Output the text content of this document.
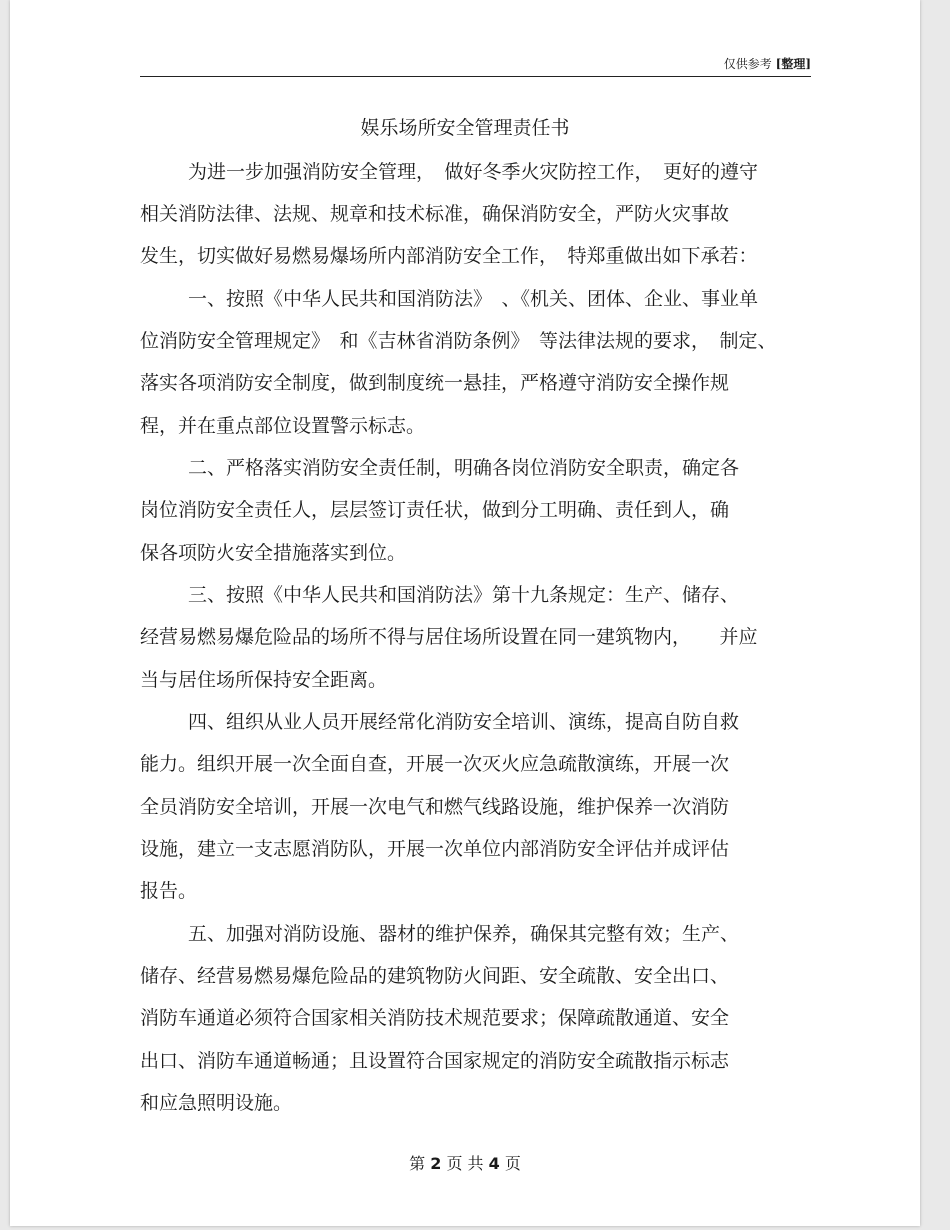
仅供参考 [整理]
娱乐场所安全管理责任书
为进一步加强消防安全管理，　做好冬季火灾防控工作，　更好的遵守
相关消防法律、法规、规章和技术标准，确保消防安全，严防火灾事故
发生，切实做好易燃易爆场所内部消防安全工作，　特郑重做出如下承若：
一、按照《中华人民共和国消防法》　、《机关、团体、企业、事业单
位消防安全管理规定》　和《吉林省消防条例》　等法律法规的要求，　制定、
落实各项消防安全制度，做到制度统一悬挂，严格遵守消防安全操作规
程，并在重点部位设置警示标志。
二、严格落实消防安全责任制，明确各岗位消防安全职责，确定各
岗位消防安全责任人，层层签订责任状，做到分工明确、责任到人，确
保各项防火安全措施落实到位。
三、按照《中华人民共和国消防法》第十九条规定：生产、储存、
经营易燃易爆危险品的场所不得与居住场所设置在同一建筑物内，　　并应
当与居住场所保持安全距离。
四、组织从业人员开展经常化消防安全培训、演练，提高自防自救
能力。组织开展一次全面自查，开展一次灭火应急疏散演练，开展一次
全员消防安全培训，开展一次电气和燃气线路设施，维护保养一次消防
设施，建立一支志愿消防队，开展一次单位内部消防安全评估并成评估
报告。
五、加强对消防设施、器材的维护保养，确保其完整有效；生产、
储存、经营易燃易爆危险品的建筑物防火间距、安全疏散、安全出口、
消防车通道必须符合国家相关消防技术规范要求；保障疏散通道、安全
出口、消防车通道畅通；且设置符合国家规定的消防安全疏散指示标志
和应急照明设施。
第 2 页 共 4 页
